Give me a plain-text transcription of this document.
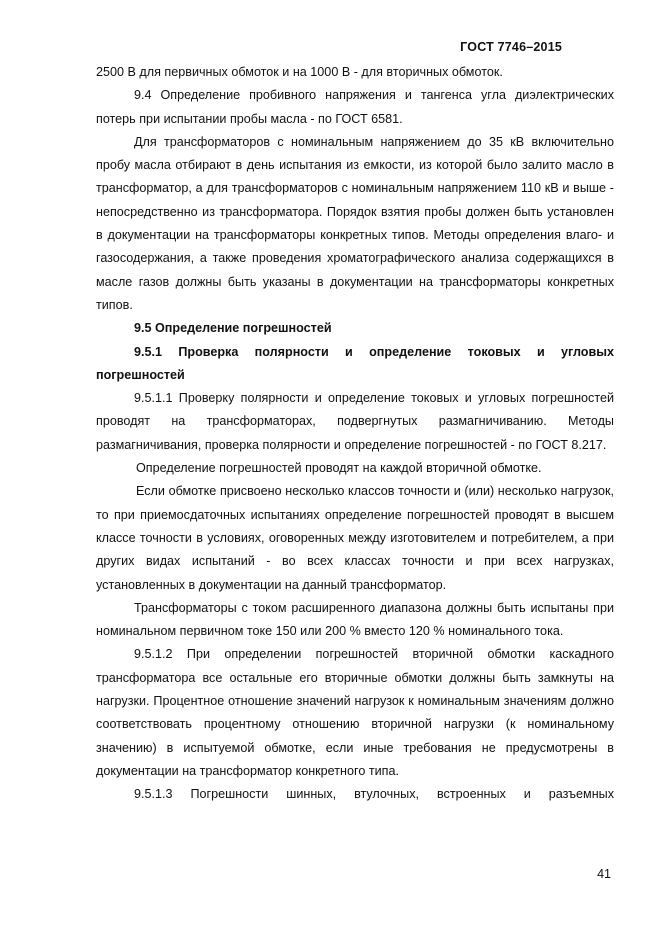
ГОСТ 7746–2015

2500 В для первичных обмоток и на 1000 В - для вторичных обмоток.

9.4 Определение пробивного напряжения и тангенса угла диэлектрических потерь при испытании пробы масла - по ГОСТ 6581.

Для трансформаторов с номинальным напряжением до 35 кВ включительно пробу масла отбирают в день испытания из емкости, из которой было залито масло в трансформатор, а для трансформаторов с номинальным напряжением 110 кВ и выше - непосредственно из трансформатора. Порядок взятия пробы должен быть установлен в документации на трансформаторы конкретных типов. Методы определения влаго- и газосодержания, а также проведения хроматографического анализа содержащихся в масле газов должны быть указаны в документации на трансформаторы конкретных типов.

9.5 Определение погрешностей

9.5.1 Проверка полярности и определение токовых и угловых погрешностей

9.5.1.1 Проверку полярности и определение токовых и угловых погрешностей проводят на трансформаторах, подвергнутых размагничиванию. Методы размагничивания, проверка полярности и определение погрешностей - по ГОСТ 8.217.

Определение погрешностей проводят на каждой вторичной обмотке.

Если обмотке присвоено несколько классов точности и (или) несколько нагрузок, то при приемосдаточных испытаниях определение погрешностей проводят в высшем классе точности в условиях, оговоренных между изготовителем и потребителем, а при других видах испытаний - во всех классах точности и при всех нагрузках, установленных в документации на данный трансформатор.

Трансформаторы с током расширенного диапазона должны быть испытаны при номинальном первичном токе 150 или 200 % вместо 120 % номинального тока.

9.5.1.2 При определении погрешностей вторичной обмотки каскадного трансформатора все остальные его вторичные обмотки должны быть замкнуты на нагрузки. Процентное отношение значений нагрузок к номинальным значениям должно соответствовать процентному отношению вторичной нагрузки (к номинальному значению) в испытуемой обмотке, если иные требования не предусмотрены в документации на трансформатор конкретного типа.

9.5.1.3 Погрешности шинных, втулочных, встроенных и разъемных

41
